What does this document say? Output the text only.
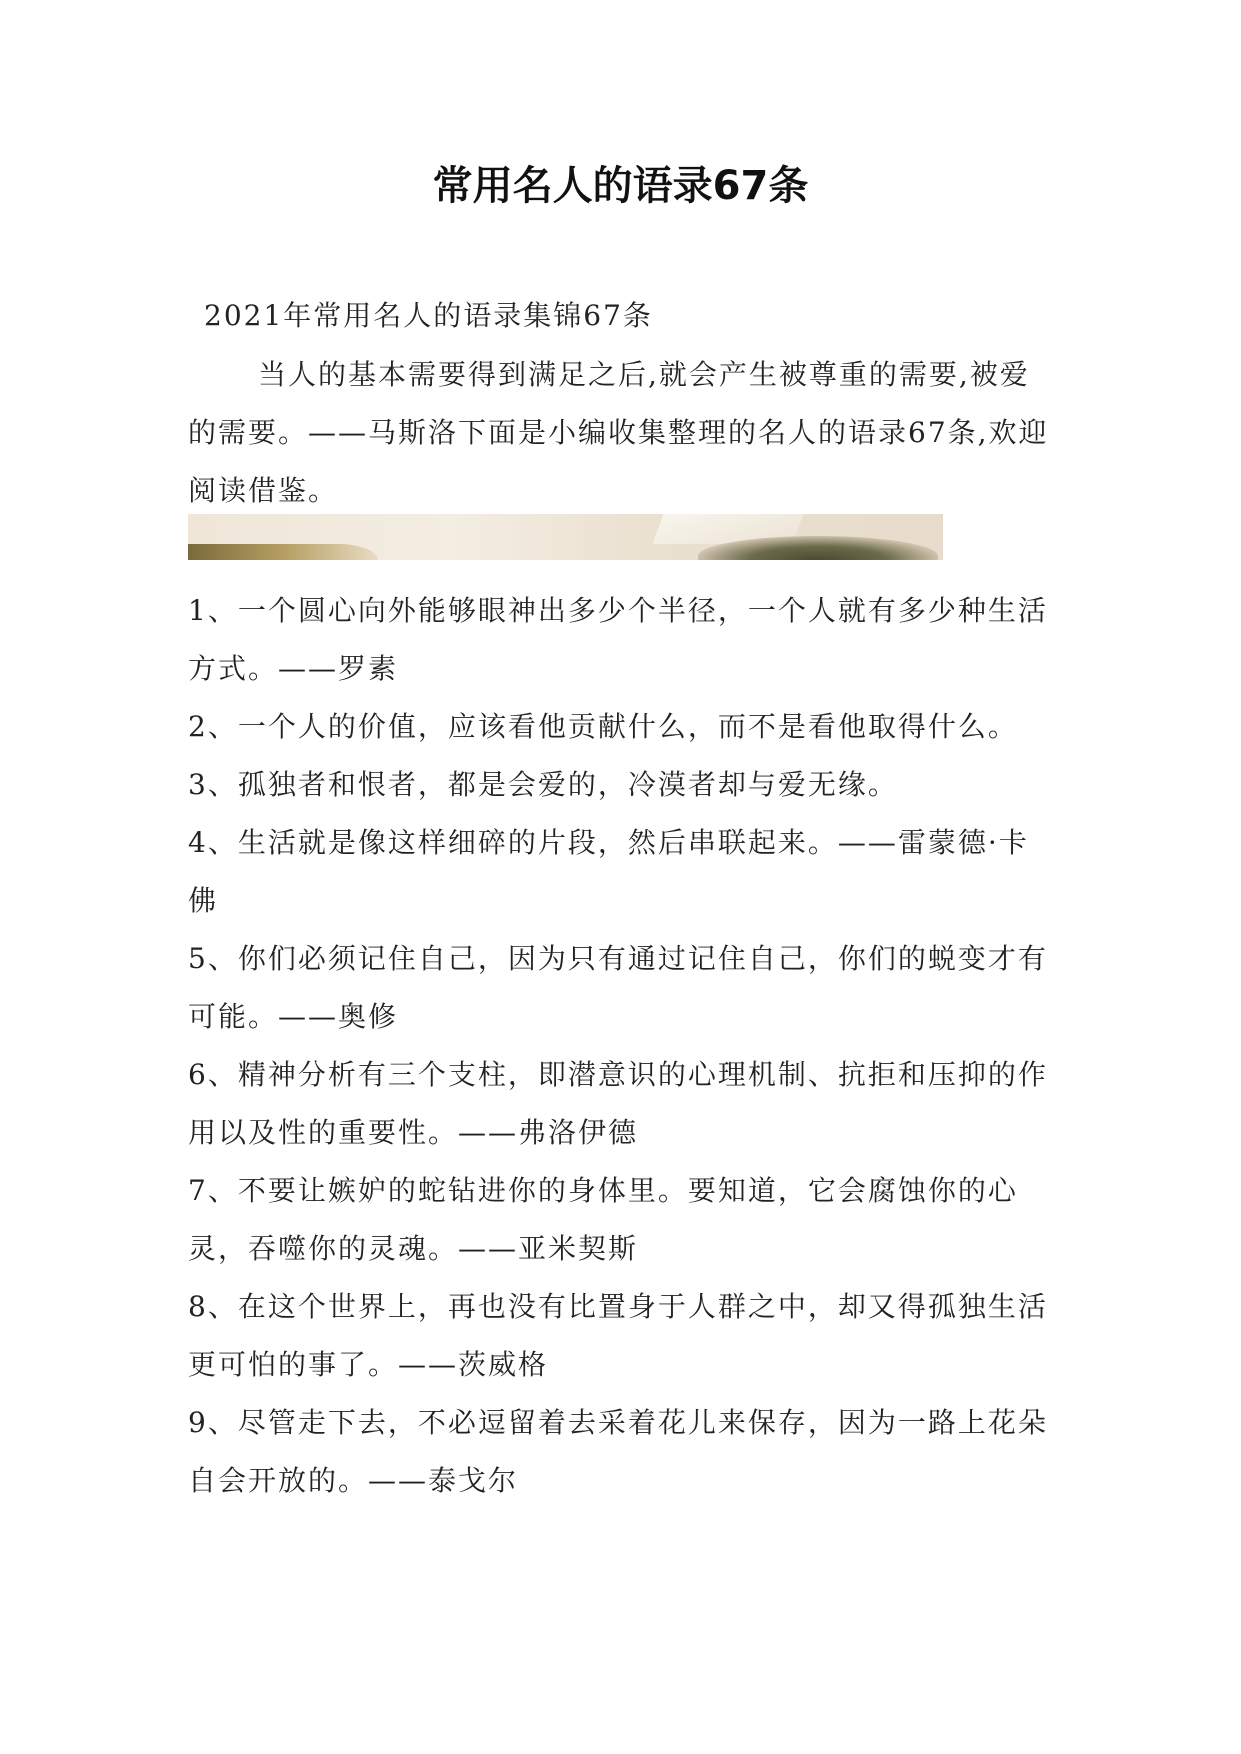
常用名人的语录67条
2021年常用名人的语录集锦67条
当人的基本需要得到满足之后,就会产生被尊重的需要,被爱的需要。——马斯洛下面是小编收集整理的名人的语录67条,欢迎阅读借鉴。

1、一个圆心向外能够眼神出多少个半径，一个人就有多少种生活方式。——罗素

2、一个人的价值，应该看他贡献什么，而不是看他取得什么。

3、孤独者和恨者，都是会爱的，冷漠者却与爱无缘。

4、生活就是像这样细碎的片段，然后串联起来。——雷蒙德·卡佛

5、你们必须记住自己，因为只有通过记住自己，你们的蜕变才有可能。——奥修

6、精神分析有三个支柱，即潜意识的心理机制、抗拒和压抑的作用以及性的重要性。——弗洛伊德

7、不要让嫉妒的蛇钻进你的身体里。要知道，它会腐蚀你的心灵，吞噬你的灵魂。——亚米契斯

8、在这个世界上，再也没有比置身于人群之中，却又得孤独生活更可怕的事了。——茨威格

9、尽管走下去，不必逗留着去采着花儿来保存，因为一路上花朵自会开放的。——泰戈尔
